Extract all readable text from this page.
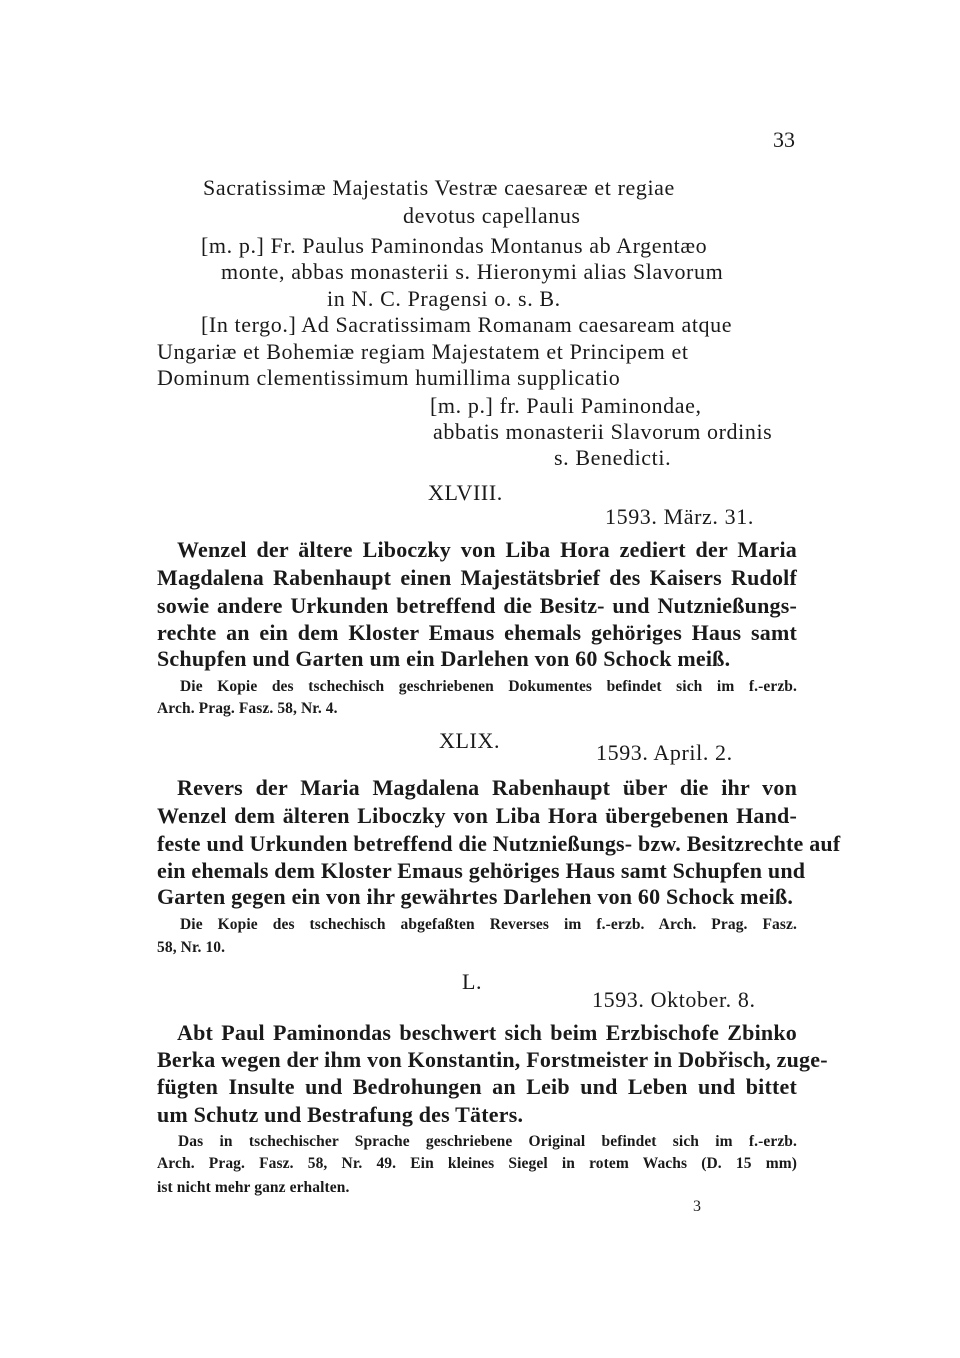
33
Sacratissimæ Majestatis Vestræ caesareæ et regiae
devotus capellanus
[m. p.] Fr. Paulus Paminondas Montanus ab Argentæo
monte, abbas monasterii s. Hieronymi alias Slavorum
in N. C. Pragensi o. s. B.
[In tergo.] Ad Sacratissimam Romanam caesaream atque
Ungariæ et Bohemiæ regiam Majestatem et Principem et
Dominum clementissimum humillima supplicatio
[m. p.] fr. Pauli Paminondae,
abbatis monasterii Slavorum ordinis
s. Benedicti.
XLVIII.
1593. März. 31.
Wenzel der ältere Liboczky von Liba Hora zediert der Maria
Magdalena Rabenhaupt einen Majestätsbrief des Kaisers Rudolf
sowie andere Urkunden betreffend die Besitz- und Nutznießungs-
rechte an ein dem Kloster Emaus ehemals gehöriges Haus samt
Schupfen und Garten um ein Darlehen von 60 Schock meiß.
Die Kopie des tschechisch geschriebenen Dokumentes befindet sich im f.-erzb.
Arch. Prag. Fasz. 58, Nr. 4.
XLIX.	1593. April. 2.
Revers der Maria Magdalena Rabenhaupt über die ihr von
Wenzel dem älteren Liboczky von Liba Hora übergebenen Hand-
feste und Urkunden betreffend die Nutznießungs- bzw. Besitzrechte auf
ein ehemals dem Kloster Emaus gehöriges Haus samt Schupfen und
Garten gegen ein von ihr gewährtes Darlehen von 60 Schock meiß.
Die Kopie des tschechisch abgefaßten Reverses im f.-erzb. Arch. Prag. Fasz.
58, Nr. 10.
L.
1593. Oktober. 8.
Abt Paul Paminondas beschwert sich beim Erzbischofe Zbinko
Berka wegen der ihm von Konstantin, Forstmeister in Dobřisch, zuge-
fügten Insulte und Bedrohungen an Leib und Leben und bittet
um Schutz und Bestrafung des Täters.
Das in tschechischer Sprache geschriebene Original befindet sich im f.-erzb.
Arch. Prag. Fasz. 58, Nr. 49. Ein kleines Siegel in rotem Wachs (D. 15 mm)
ist nicht mehr ganz erhalten.
3
